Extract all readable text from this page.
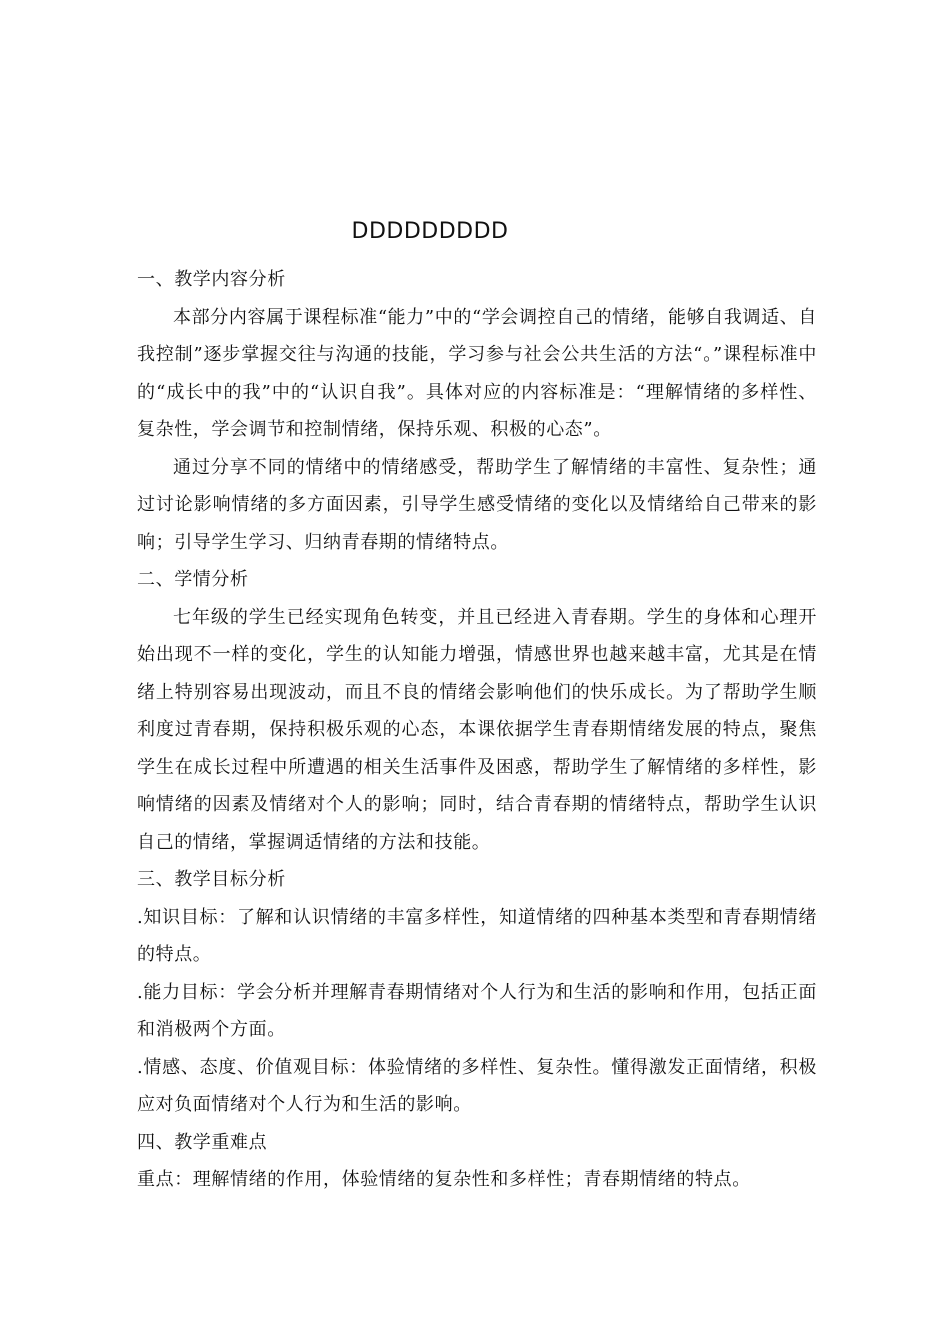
DDDDDDDDD
一、教学内容分析

本部分内容属于课程标准“能力”中的“学会调控自己的情绪，能够自我调适、自我控制”逐步掌握交往与沟通的技能，学习参与社会公共生活的方法“。”课程标准中的“成长中的我”中的“认识自我”。具体对应的内容标准是：“理解情绪的多样性、复杂性，学会调节和控制情绪，保持乐观、积极的心态”。

通过分享不同的情绪中的情绪感受，帮助学生了解情绪的丰富性、复杂性；通过讨论影响情绪的多方面因素，引导学生感受情绪的变化以及情绪给自己带来的影响；引导学生学习、归纳青春期的情绪特点。

二、学情分析

七年级的学生已经实现角色转变，并且已经进入青春期。学生的身体和心理开始出现不一样的变化，学生的认知能力增强，情感世界也越来越丰富，尤其是在情绪上特别容易出现波动，而且不良的情绪会影响他们的快乐成长。为了帮助学生顺利度过青春期，保持积极乐观的心态，本课依据学生青春期情绪发展的特点，聚焦学生在成长过程中所遭遇的相关生活事件及困惑，帮助学生了解情绪的多样性，影响情绪的因素及情绪对个人的影响；同时，结合青春期的情绪特点，帮助学生认识自己的情绪，掌握调适情绪的方法和技能。

三、教学目标分析

.知识目标：了解和认识情绪的丰富多样性，知道情绪的四种基本类型和青春期情绪的特点。

.能力目标：学会分析并理解青春期情绪对个人行为和生活的影响和作用，包括正面和消极两个方面。

.情感、态度、价值观目标：体验情绪的多样性、复杂性。懂得激发正面情绪，积极应对负面情绪对个人行为和生活的影响。

四、教学重难点

重点：理解情绪的作用，体验情绪的复杂性和多样性；青春期情绪的特点。
